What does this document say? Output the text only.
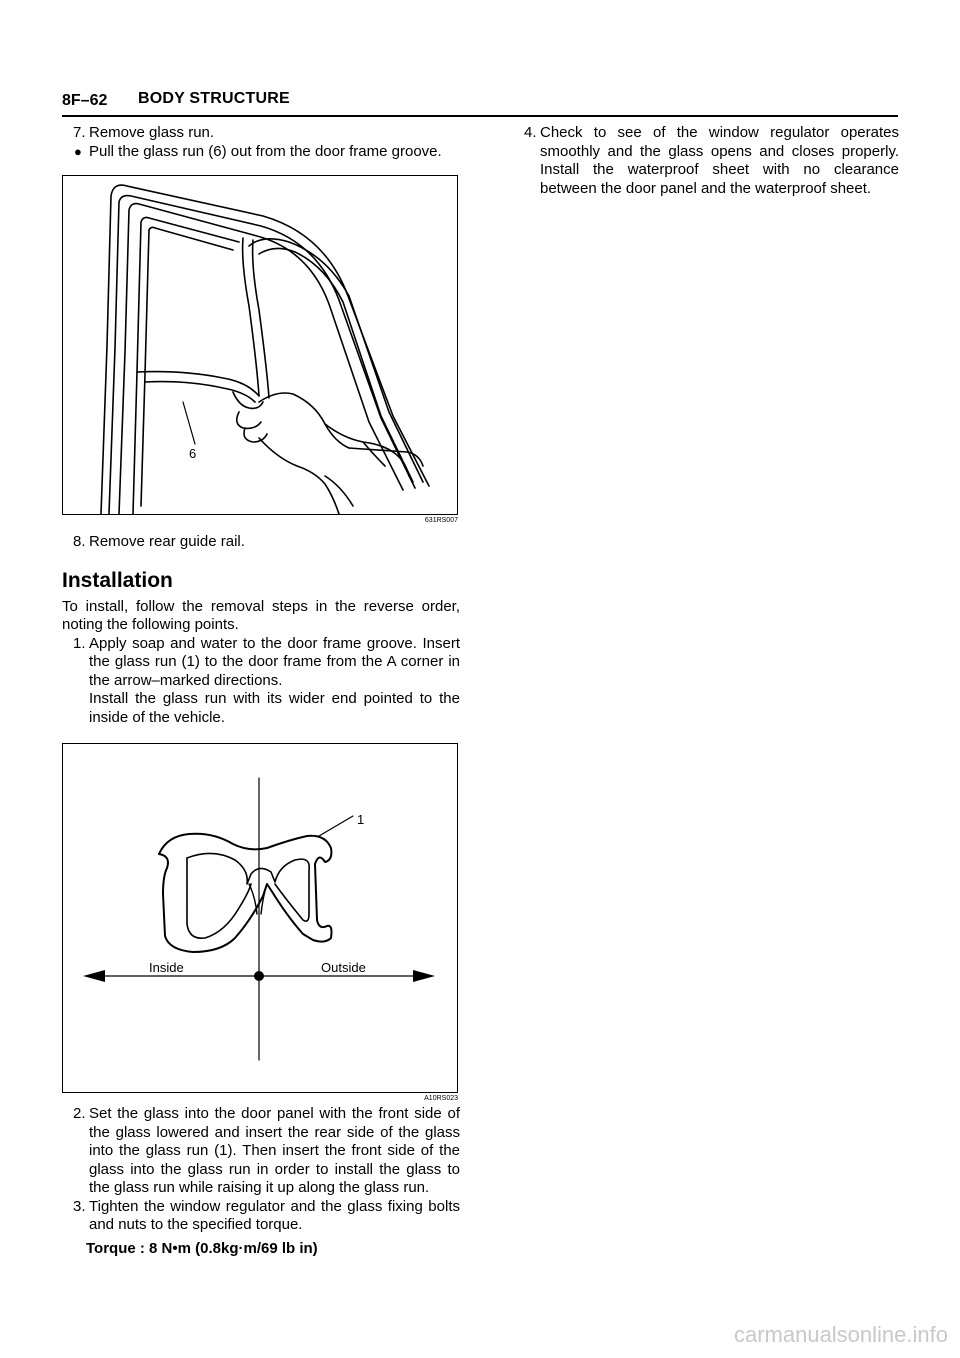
8F–62 BODY STRUCTURE

7. Remove glass run.

● Pull the glass run (6) out from the door frame groove.

6
631RS007

8. Remove rear guide rail.

Installation

To install, follow the removal steps in the reverse order, noting the following points.

1. Apply soap and water to the door frame groove. Insert the glass run (1) to the door frame from the A corner in the arrow–marked directions.

Install the glass run with its wider end pointed to the inside of the vehicle.

Inside	Outside
1
A10RS023

2. Set the glass into the door panel with the front side of the glass lowered and insert the rear side of the glass into the glass run (1). Then insert the front side of the glass into the glass run in order to install the glass to the glass run while raising it up along the glass run.

3. Tighten the window regulator and the glass fixing bolts and nuts to the specified torque.

Torque : 8 N•m (0.8kg·m/69 lb in)

4. Check to see of the window regulator operates smoothly and the glass opens and closes properly. Install the waterproof sheet with no clearance between the door panel and the waterproof sheet.

carmanualsonline.info
